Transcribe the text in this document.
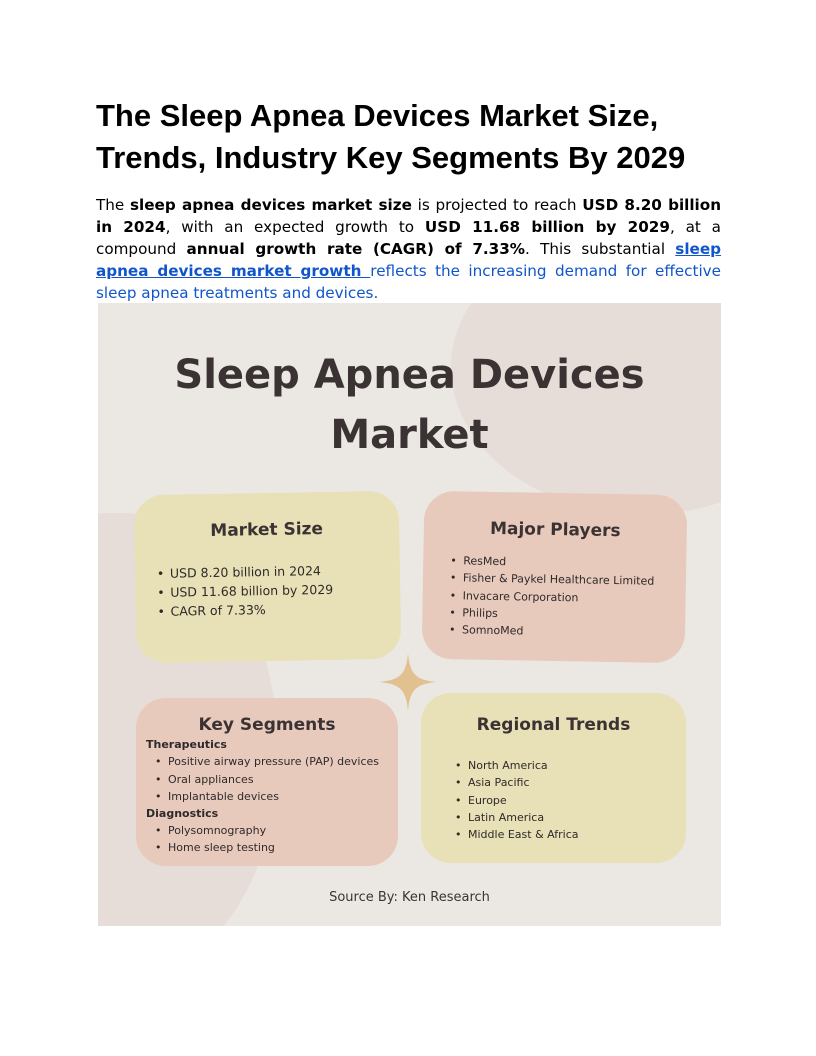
The Sleep Apnea Devices Market Size, Trends, Industry Key Segments By 2029

The sleep apnea devices market size is projected to reach USD 8.20 billion in 2024, with an expected growth to USD 11.68 billion by 2029, at a compound annual growth rate (CAGR) of 7.33%. This substantial sleep apnea devices market growth reflects the increasing demand for effective sleep apnea treatments and devices.

Sleep Apnea Devices Market
Market Size
• USD 8.20 billion in 2024
• USD 11.68 billion by 2029
• CAGR of 7.33%
Major Players
• ResMed
• Fisher & Paykel Healthcare Limited
• Invacare Corporation
• Philips
• SomnoMed
Key Segments
Therapeutics
• Positive airway pressure (PAP) devices
• Oral appliances
• Implantable devices
Diagnostics
• Polysomnography
• Home sleep testing
Regional Trends
• North America
• Asia Pacific
• Europe
• Latin America
• Middle East & Africa
Source By: Ken Research
